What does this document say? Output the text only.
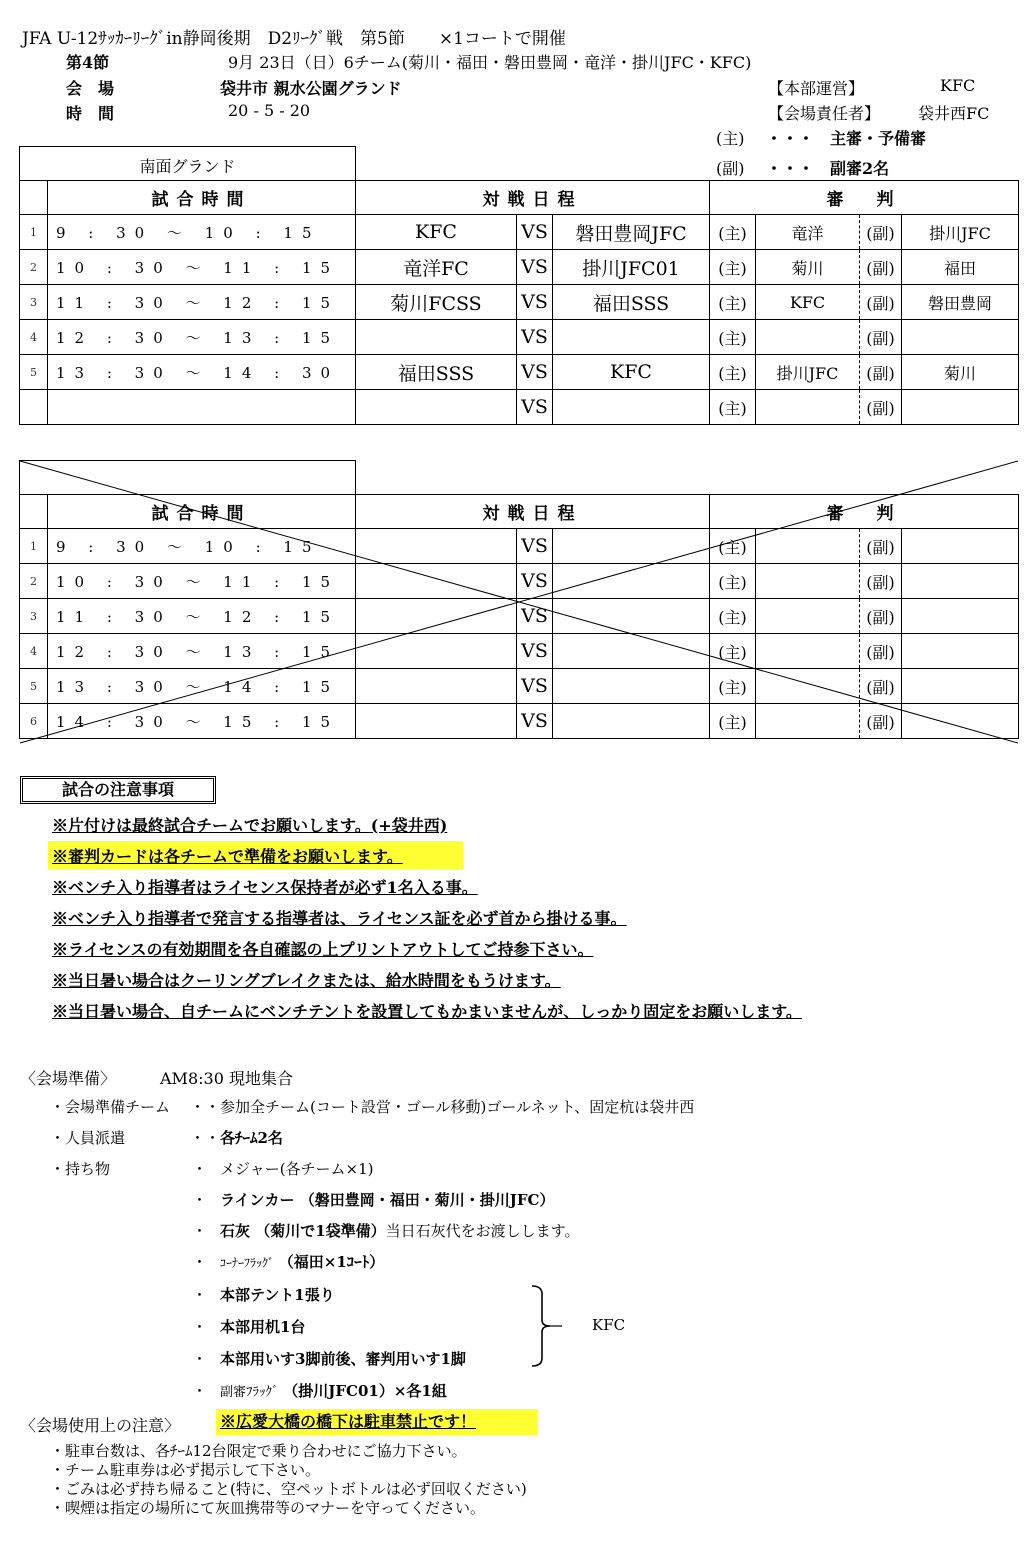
JFA U-12ｻｯｶｰﾘｰｸﾞin静岡後期　D2ﾘｰｸﾞ戦　第5節　　×1コートで開催
第4節	9月 23日（日）6チーム(菊川・福田・磐田豊岡・竜洋・掛川JFC・KFC)
会　場	袋井市 親水公園グランド
時　間	20 - 5 - 20
【本部運営】	KFC
【会場責任者】 袋井西FC
(主) ・・・　主審・予備審
(副) ・・・　副審2名
南面グランド
	試合時間	対戦日程			審　判			
1	9 : 30 ～ 10 : 15	KFC	VS	磐田豊岡JFC	(主)	竜洋	(副)	掛川JFC
2	10 : 30 ～ 11 : 15	竜洋FC	VS	掛川JFC01	(主)	菊川	(副)	福田
3	11 : 30 ～ 12 : 15	菊川FCSS	VS	福田SSS	(主)	KFC	(副)	磐田豊岡
4	12 : 30 ～ 13 : 15		VS		(主)		(副)	
5	13 : 30 ～ 14 : 30	福田SSS	VS	KFC	(主)	掛川JFC	(副)	菊川
			VS		(主)		(副)	
	試合時間	対戦日程			審　判			
1	9 : 30 ～ 10 : 15		VS		(主)		(副)	
2	10 : 30 ～ 11 : 15		VS		(主)		(副)	
3	11 : 30 ～ 12 : 15		VS		(主)		(副)	
4	12 : 30 ～ 13 : 15		VS		(主)		(副)	
5	13 : 30 ～ 14 : 15		VS		(主)		(副)	
6	14 : 30 ～ 15 : 15		VS		(主)		(副)	
試合の注意事項
※片付けは最終試合チームでお願いします。(+袋井西)
※審判カードは各チームで準備をお願いします。
※ベンチ入り指導者はライセンス保持者が必ず1名入る事。
※ベンチ入り指導者で発言する指導者は、ライセンス証を必ず首から掛ける事。
※ライセンスの有効期間を各自確認の上プリントアウトしてご持参下さい。
※当日暑い場合はクーリングブレイクまたは、給水時間をもうけます。
※当日暑い場合、自チームにベンチテントを設置してもかまいませんが、しっかり固定をお願いします。
〈会場準備〉	AM8:30 現地集合
・会場準備チーム	・・ 参加全チーム(コート設営・ゴール移動)ゴールネット、固定杭は袋井西
・人員派遣	・・ 各ﾁｰﾑ2名
・持ち物	・ メジャー(各チーム×1)
・ ラインカー （磐田豊岡・福田・菊川・掛川JFC）
・ 石灰 （菊川で1袋準備）当日石灰代をお渡しします。
・ ｺｰﾅｰﾌﾗｯｸﾞ （福田×1ｺｰﾄ）
・ 本部テント1張り
・ 本部用机1台
・ 本部用いす3脚前後、審判用いす1脚
KFC
・ 副審ﾌﾗｯｸﾞ （掛川JFC01）×各1組
〈会場使用上の注意〉 ※広愛大橋の橋下は駐車禁止です！
・駐車台数は、各ﾁｰﾑ12台限定で乗り合わせにご協力下さい。
・チーム駐車券は必ず掲示して下さい。
・ごみは必ず持ち帰ること(特に、空ペットボトルは必ず回収ください)
・喫煙は指定の場所にて灰皿携帯等のマナーを守ってください。
